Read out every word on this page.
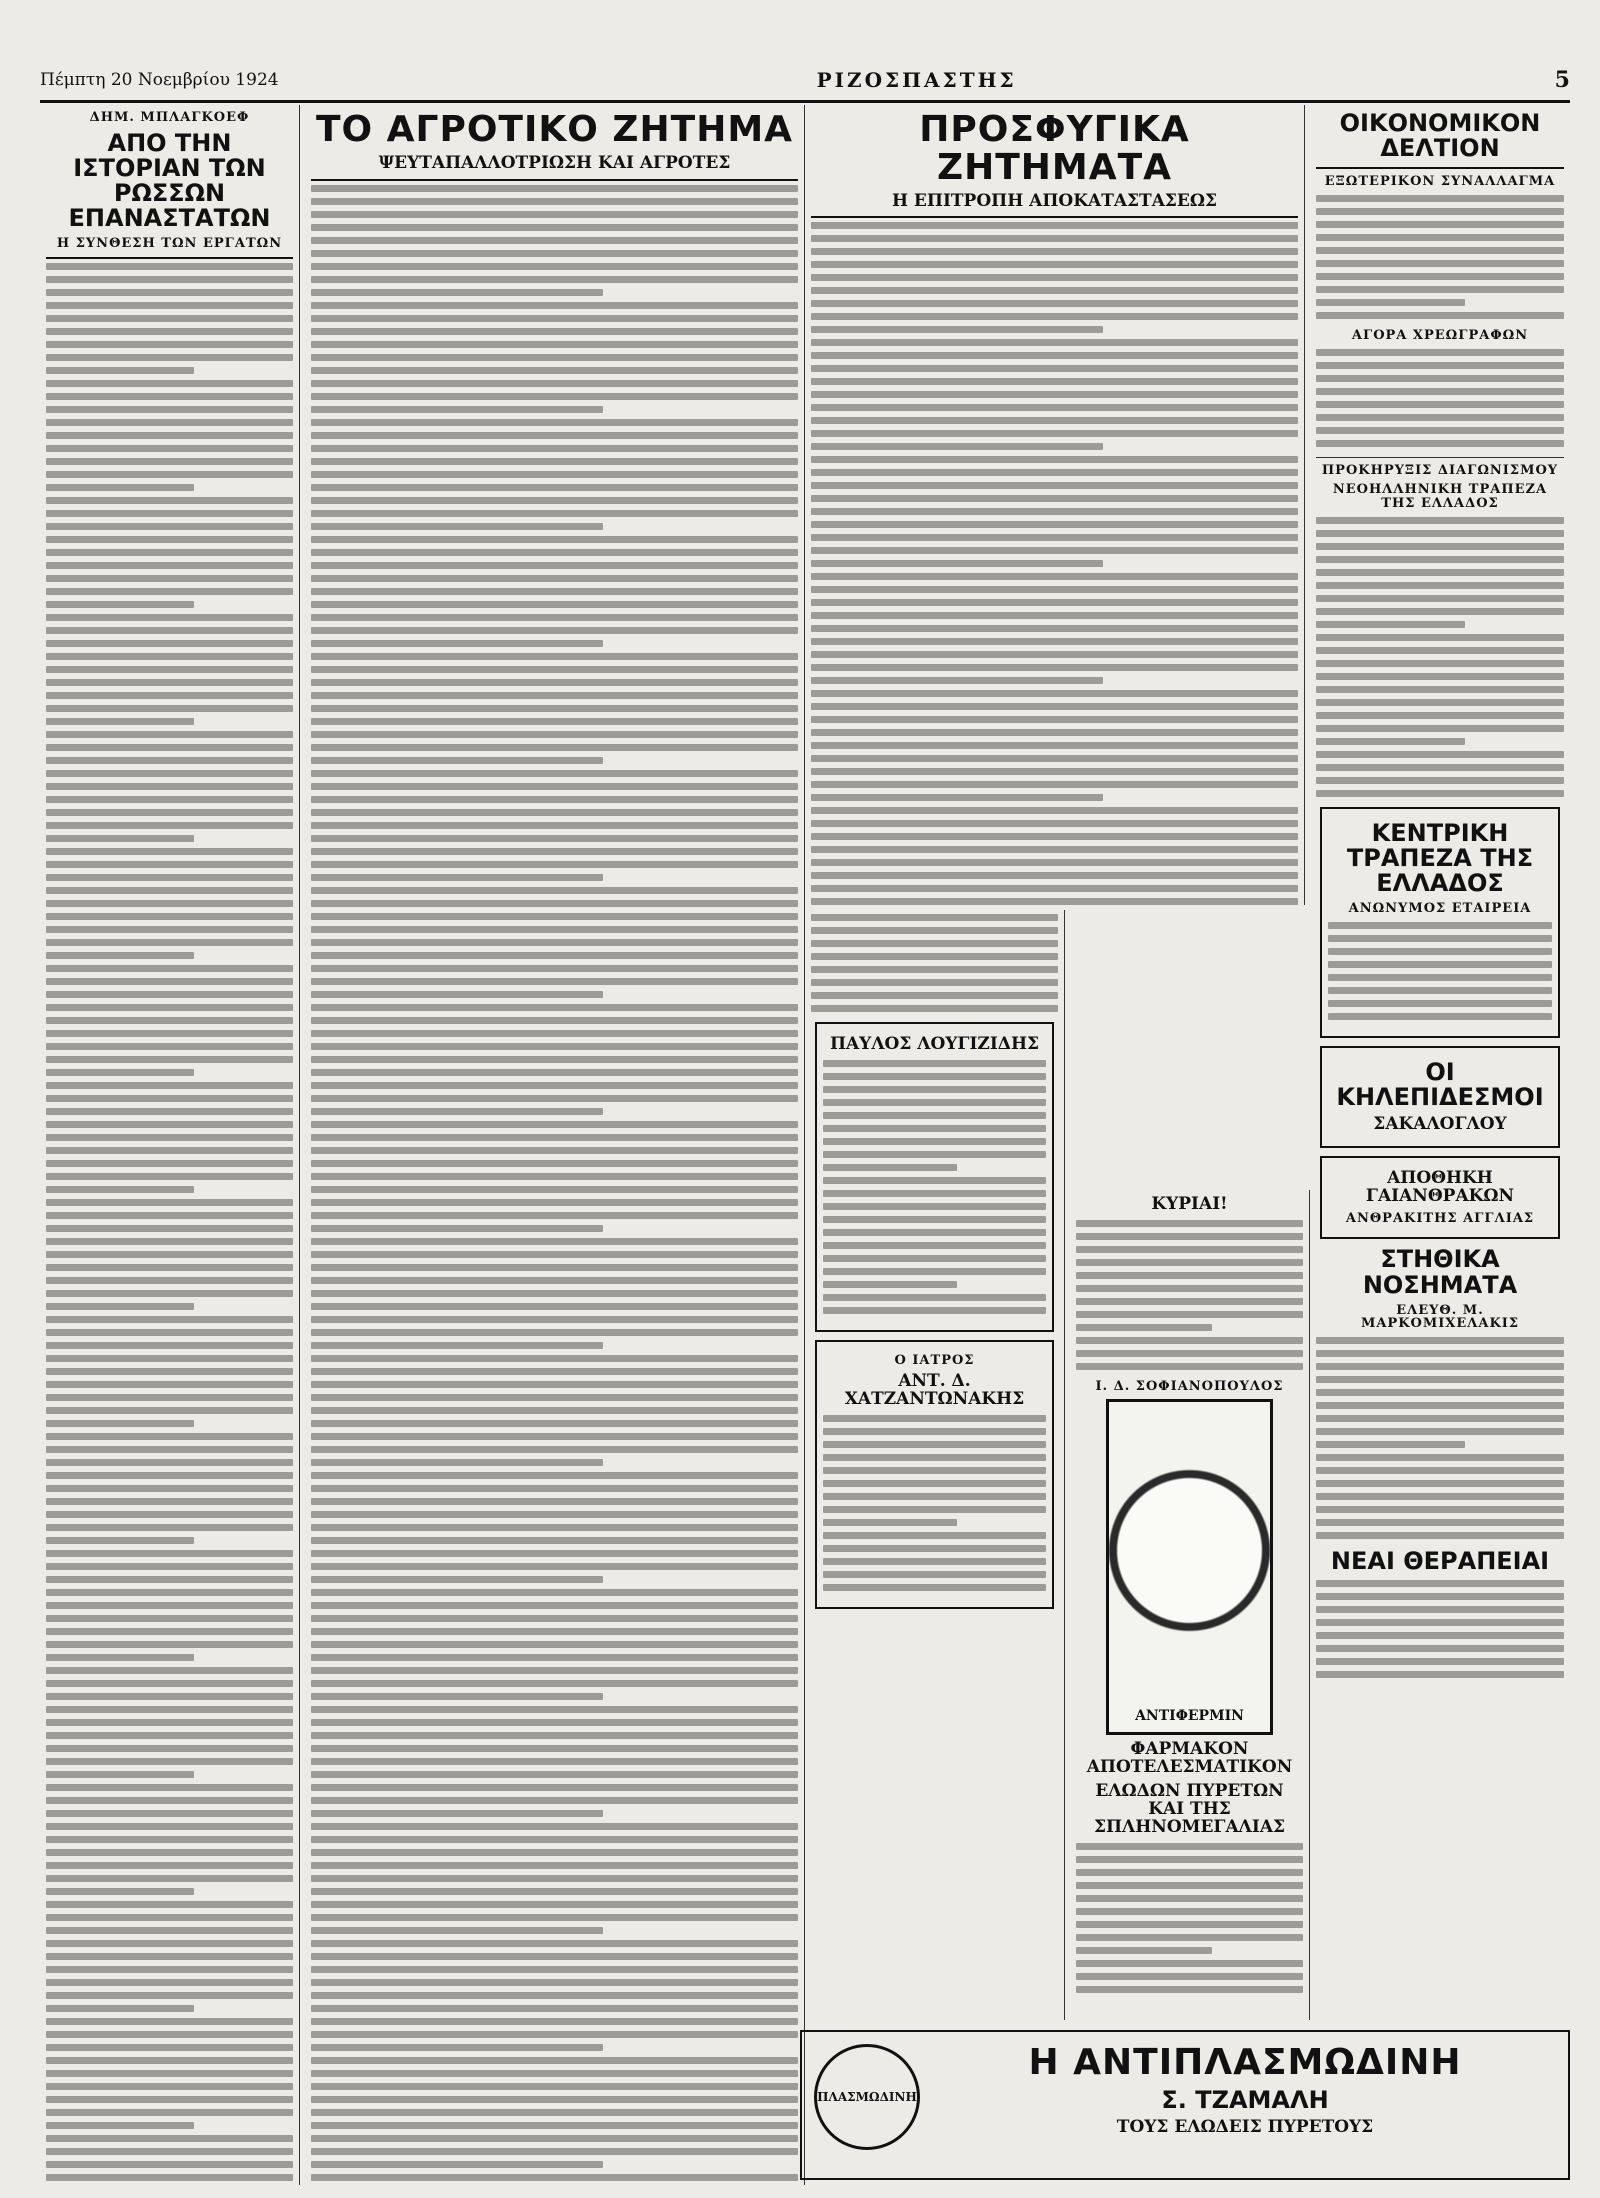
Πέμπτη 20 Νοεμβρίου 1924	ΡΙΖΟΣΠΑΣΤΗΣ	5
ΔΗΜ. ΜΠΛΑΓΚΟΕΦ
ΑΠΟ ΤΗΝ ΙΣΤΟΡΙΑΝ ΤΩΝ ΡΩΣΣΩΝ ΕΠΑΝΑΣΤΑΤΩΝ
Η ΣΥΝΘΕΣΗ ΤΩΝ ΕΡΓΑΤΩΝ
ΤΟ ΑΓΡΟΤΙΚΟ ΖΗΤΗΜΑ
ΨΕΥΤΑΠΑΛΛΟΤΡΙΩΣΗ ΚΑΙ ΑΓΡΟΤΕΣ
ΠΡΟΣΦΥΓΙΚΑ ΖΗΤΗΜΑΤΑ
Η ΕΠΙΤΡΟΠΗ ΑΠΟΚΑΤΑΣΤΑΣΕΩΣ
ΠΑΥΛΟΣ ΛΟΥΓΙΖΙΔΗΣ
Ο ΙΑΤΡΟΣ
ΑΝΤ. Δ. ΧΑΤΖΑΝΤΩΝΑΚΗΣ
ΚΥΡΙΑΙ!
Ι. Δ. ΣΟΦΙΑΝΟΠΟΥΛΟΣ
ΑΝΤΙΦΕΡΜΙΝ
ΦΑΡΜΑΚΟΝ ΑΠΟΤΕΛΕΣΜΑΤΙΚΟΝ
ΕΛΩΔΩΝ ΠΥΡΕΤΩΝ ΚΑΙ ΤΗΣ ΣΠΛΗΝΟΜΕΓΑΛΙΑΣ
ΟΙΚΟΝΟΜΙΚΟΝ ΔΕΛΤΙΟΝ
ΕΞΩΤΕΡΙΚΟΝ ΣΥΝΑΛΛΑΓΜΑ
ΑΓΟΡΑ ΧΡΕΩΓΡΑΦΩΝ
ΠΡΟΚΗΡΥΞΙΣ ΔΙΑΓΩΝΙΣΜΟΥ
ΝΕΟΗΛΛΗΝΙΚΗ ΤΡΑΠΕΖΑ ΤΗΣ ΕΛΛΑΔΟΣ
ΚΕΝΤΡΙΚΗ ΤΡΑΠΕΖΑ ΤΗΣ ΕΛΛΑΔΟΣ
ΑΝΩΝΥΜΟΣ ΕΤΑΙΡΕΙΑ
ΟΙ ΚΗΛΕΠΙΔΕΣΜΟΙ
ΣΑΚΑΛΟΓΛΟΥ
ΑΠΟΘΗΚΗ ΓΑΙΑΝΘΡΑΚΩΝ
ΑΝΘΡΑΚΙΤΗΣ ΑΓΓΛΙΑΣ
ΣΤΗΘΙΚΑ ΝΟΣΗΜΑΤΑ
ΕΛΕΥΘ. Μ. ΜΑΡΚΟΜΙΧΕΛΑΚΙΣ
ΝΕΑΙ ΘΕΡΑΠΕΙΑΙ
ΠΛΑΣΜΩΔΙΝΗ
Η ΑΝΤΙΠΛΑΣΜΩΔΙΝΗ
Σ. ΤΖΑΜΑΛΗ
ΤΟΥΣ ΕΛΩΔΕΙΣ ΠΥΡΕΤΟΥΣ
